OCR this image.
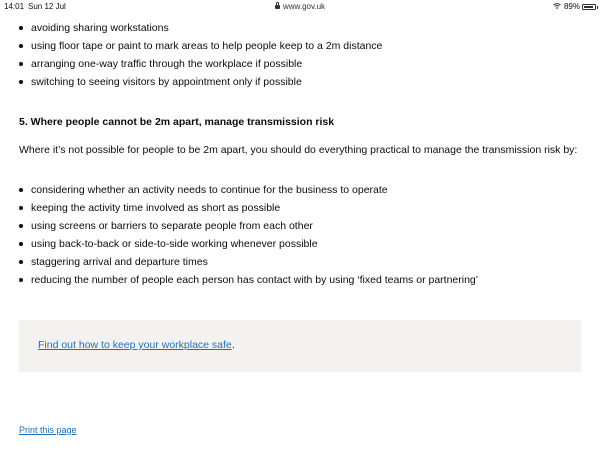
14:01 Sun 12 Jul	www.gov.uk	89%
avoiding sharing workstations
using floor tape or paint to mark areas to help people keep to a 2m distance
arranging one-way traffic through the workplace if possible
switching to seeing visitors by appointment only if possible
5. Where people cannot be 2m apart, manage transmission risk

Where it’s not possible for people to be 2m apart, you should do everything practical to manage the transmission risk by:

considering whether an activity needs to continue for the business to operate
keeping the activity time involved as short as possible
using screens or barriers to separate people from each other
using back-to-back or side-to-side working whenever possible
staggering arrival and departure times
reducing the number of people each person has contact with by using ‘fixed teams or partnering’
Find out how to keep your workplace safe .
Print this page
